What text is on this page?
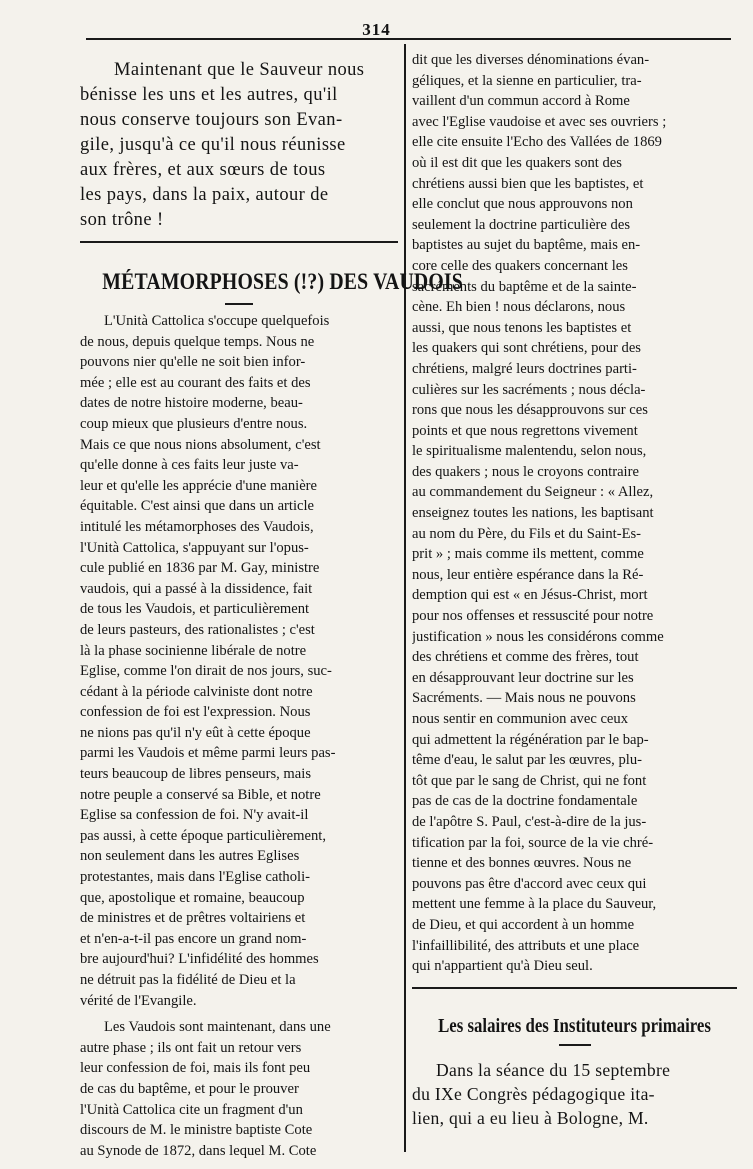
314
Maintenant que le Sauveur nous
bénisse les uns et les autres, qu'il
nous conserve toujours son Evan-
gile, jusqu'à ce qu'il nous réunisse
aux frères, et aux sœurs de tous
les pays, dans la paix, autour de
son trône !
MÉTAMORPHOSES (!?) DES VAUDOIS
L'Unità Cattolica s'occupe quelquefois
de nous, depuis quelque temps. Nous ne
pouvons nier qu'elle ne soit bien infor-
mée ; elle est au courant des faits et des
dates de notre histoire moderne, beau-
coup mieux que plusieurs d'entre nous.
Mais ce que nous nions absolument, c'est
qu'elle donne à ces faits leur juste va-
leur et qu'elle les apprécie d'une manière
équitable. C'est ainsi que dans un article
intitulé les métamorphoses des Vaudois,
l'Unità Cattolica, s'appuyant sur l'opus-
cule publié en 1836 par M. Gay, ministre
vaudois, qui a passé à la dissidence, fait
de tous les Vaudois, et particulièrement
de leurs pasteurs, des rationalistes ; c'est
là la phase socinienne libérale de notre
Eglise, comme l'on dirait de nos jours, suc-
cédant à la période calviniste dont notre
confession de foi est l'expression. Nous
ne nions pas qu'il n'y eût à cette époque
parmi les Vaudois et même parmi leurs pas-
teurs beaucoup de libres penseurs, mais
notre peuple a conservé sa Bible, et notre
Eglise sa confession de foi. N'y avait-il
pas aussi, à cette époque particulièrement,
non seulement dans les autres Eglises
protestantes, mais dans l'Eglise catholi-
que, apostolique et romaine, beaucoup
de ministres et de prêtres voltairiens et
et n'en-a-t-il pas encore un grand nom-
bre aujourd'hui? L'infidélité des hommes
ne détruit pas la fidélité de Dieu et la
vérité de l'Evangile.
Les Vaudois sont maintenant, dans une
autre phase ; ils ont fait un retour vers
leur confession de foi, mais ils font peu
de cas du baptême, et pour le prouver
l'Unità Cattolica cite un fragment d'un
discours de M. le ministre baptiste Cote
au Synode de 1872, dans lequel M. Cote
dit que les diverses dénominations évan-
géliques, et la sienne en particulier, tra-
vaillent d'un commun accord à Rome
avec l'Eglise vaudoise et avec ses ouvriers ;
elle cite ensuite l'Echo des Vallées de 1869
où il est dit que les quakers sont des
chrétiens aussi bien que les baptistes, et
elle conclut que nous approuvons non
seulement la doctrine particulière des
baptistes au sujet du baptême, mais en-
core celle des quakers concernant les
sacréments du baptême et de la sainte-
cène. Eh bien ! nous déclarons, nous
aussi, que nous tenons les baptistes et
les quakers qui sont chrétiens, pour des
chrétiens, malgré leurs doctrines parti-
culières sur les sacréments ; nous décla-
rons que nous les désapprouvons sur ces
points et que nous regrettons vivement
le spiritualisme malentendu, selon nous,
des quakers ; nous le croyons contraire
au commandement du Seigneur : « Allez,
enseignez toutes les nations, les baptisant
au nom du Père, du Fils et du Saint-Es-
prit » ; mais comme ils mettent, comme
nous, leur entière espérance dans la Ré-
demption qui est « en Jésus-Christ, mort
pour nos offenses et ressuscité pour notre
justification » nous les considérons comme
des chrétiens et comme des frères, tout
en désapprouvant leur doctrine sur les
Sacréments. — Mais nous ne pouvons
nous sentir en communion avec ceux
qui admettent la régénération par le bap-
tême d'eau, le salut par les œuvres, plu-
tôt que par le sang de Christ, qui ne font
pas de cas de la doctrine fondamentale
de l'apôtre S. Paul, c'est-à-dire de la jus-
tification par la foi, source de la vie chré-
tienne et des bonnes œuvres. Nous ne
pouvons pas être d'accord avec ceux qui
mettent une femme à la place du Sauveur,
de Dieu, et qui accordent à un homme
l'infaillibilité, des attributs et une place
qui n'appartient qu'à Dieu seul.
Les salaires des Instituteurs primaires
Dans la séance du 15 septembre
du IXe Congrès pédagogique ita-
lien, qui a eu lieu à Bologne, M.
